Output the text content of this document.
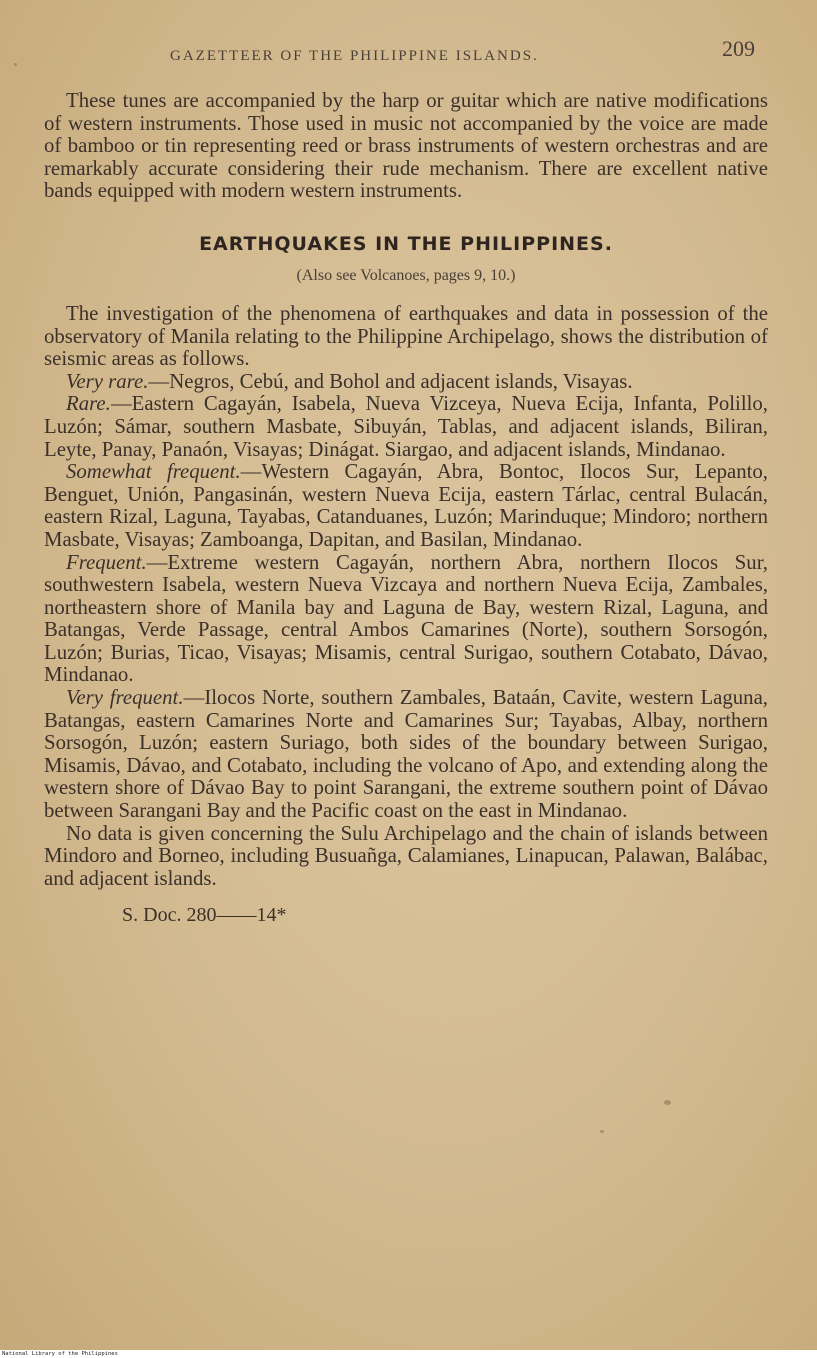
GAZETTEER OF THE PHILIPPINE ISLANDS.	209

These tunes are accompanied by the harp or guitar which are native modifications of western instruments. Those used in music not accompanied by the voice are made of bamboo or tin representing reed or brass instruments of western orchestras and are remarkably accurate considering their rude mechanism. There are excellent native bands equipped with modern western instruments.

EARTHQUAKES IN THE PHILIPPINES.
(Also see Volcanoes, pages 9, 10.)

The investigation of the phenomena of earthquakes and data in possession of the observatory of Manila relating to the Philippine Archipelago, shows the distribution of seismic areas as follows.

Very rare.—Negros, Cebú, and Bohol and adjacent islands, Visayas.

Rare.—Eastern Cagayán, Isabela, Nueva Vizceya, Nueva Ecija, Infanta, Polillo, Luzón; Sámar, southern Masbate, Sibuyán, Tablas, and adjacent islands, Biliran, Leyte, Panay, Panaón, Visayas; Dinágat. Siargao, and adjacent islands, Mindanao.

Somewhat frequent.—Western Cagayán, Abra, Bontoc, Ilocos Sur, Lepanto, Benguet, Unión, Pangasinán, western Nueva Ecija, eastern Tárlac, central Bulacán, eastern Rizal, Laguna, Tayabas, Catanduanes, Luzón; Marinduque; Mindoro; northern Masbate, Visayas; Zamboanga, Dapitan, and Basilan, Mindanao.

Frequent.—Extreme western Cagayán, northern Abra, northern Ilocos Sur, southwestern Isabela, western Nueva Vizcaya and northern Nueva Ecija, Zambales, northeastern shore of Manila bay and Laguna de Bay, western Rizal, Laguna, and Batangas, Verde Passage, central Ambos Camarines (Norte), southern Sorsogón, Luzón; Burias, Ticao, Visayas; Misamis, central Surigao, southern Cotabato, Dávao, Mindanao.

Very frequent.—Ilocos Norte, southern Zambales, Bataán, Cavite, western Laguna, Batangas, eastern Camarines Norte and Camarines Sur; Tayabas, Albay, northern Sorsogón, Luzón; eastern Suriago, both sides of the boundary between Surigao, Misamis, Dávao, and Cotabato, including the volcano of Apo, and extending along the western shore of Dávao Bay to point Sarangani, the extreme southern point of Dávao between Sarangani Bay and the Pacific coast on the east in Mindanao.

No data is given concerning the Sulu Archipelago and the chain of islands between Mindoro and Borneo, including Busuañga, Calamianes, Linapucan, Palawan, Balábac, and adjacent islands.

S. Doc. 280——14*
National Library of the Philippines
